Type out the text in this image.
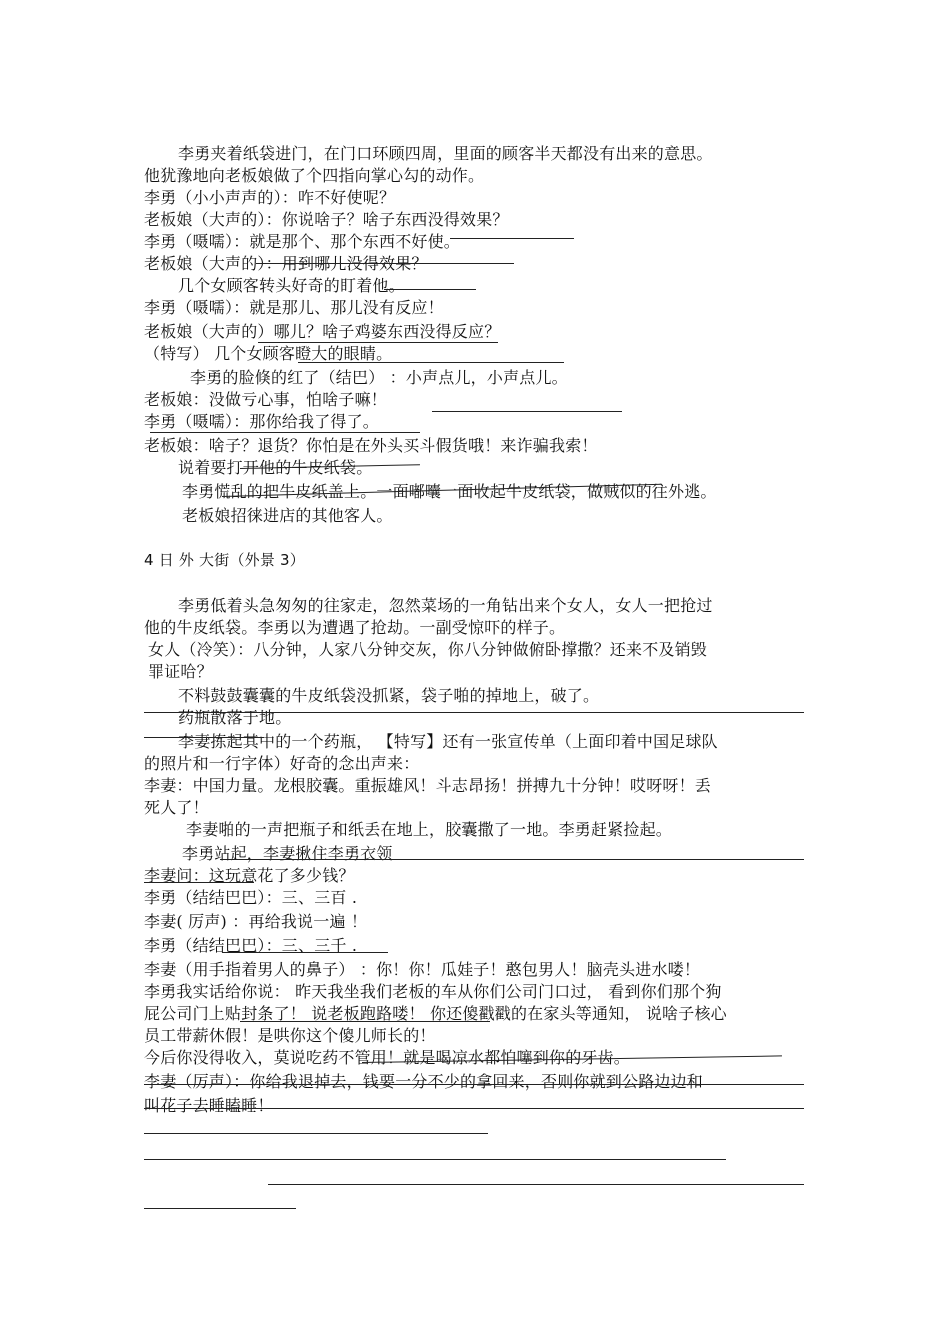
李勇夹着纸袋进门，在门口环顾四周，里面的顾客半天都没有出来的意思。
他犹豫地向老板娘做了个四指向掌心勾的动作。
李勇（小小声声的）：咋不好使呢？
老板娘（大声的）：你说啥子？啥子东西没得效果？
李勇（嗫嚅）：就是那个、那个东西不好使。
老板娘（大声的）：用到哪儿没得效果？
几个女顾客转头好奇的盯着他。
李勇（嗫嚅）：就是那儿、那儿没有反应！
老板娘（大声的）哪儿？啥子鸡婆东西没得反应？
（特写） 几个女顾客瞪大的眼睛。
李勇的脸倏的红了（结巴） ：小声点儿，小声点儿。
老板娘：没做亏心事，怕啥子嘛！
李勇（嗫嚅）：那你给我了得了。
老板娘：啥子？退货？你怕是在外头买斗假货哦！来诈骗我索！
说着要打开他的牛皮纸袋。
李勇慌乱的把牛皮纸盖上。一面嘟囔一面收起牛皮纸袋，做贼似的往外逃。
老板娘招徕进店的其他客人。
4 日 外 大街（外景 3）
李勇低着头急匆匆的往家走，忽然菜场的一角钻出来个女人，女人一把抢过
他的牛皮纸袋。李勇以为遭遇了抢劫。一副受惊吓的样子。
女人（冷笑）：八分钟，人家八分钟交灰，你八分钟做俯卧撑撒？还来不及销毁
罪证哈？
不料鼓鼓囊囊的牛皮纸袋没抓紧，袋子啪的掉地上，破了。
药瓶散落于地。
李妻拣起其中的一个药瓶， 【特写】还有一张宣传单（上面印着中国足球队
的照片和一行字体）好奇的念出声来：
李妻：中国力量。龙根胶囊。重振雄风！斗志昂扬！拼搏九十分钟！哎呀呀！丢
死人了！
李妻啪的一声把瓶子和纸丢在地上，胶囊撒了一地。李勇赶紧捡起。
李勇站起，李妻揪住李勇衣领
李妻问：这玩意花了多少钱？
李勇（结结巴巴）：三、三百 .
李妻( 厉声) ：再给我说一遍 ！
李勇（结结巴巴）：三、三千 .
李妻（用手指着男人的鼻子） ：你！你！瓜娃子！憨包男人！脑壳头进水喽！
李勇我实话给你说： 昨天我坐我们老板的车从你们公司门口过， 看到你们那个狗
屁公司门上贴封条了！ 说老板跑路喽！ 你还傻戳戳的在家头等通知， 说啥子核心
员工带薪休假！是哄你这个傻儿师长的！
今后你没得收入，莫说吃药不管用！就是喝凉水都怕噻到你的牙齿。
李妻（厉声）：你给我退掉去，钱要一分不少的拿回来，否则你就到公路边边和
叫花子去睡瞌睡！
